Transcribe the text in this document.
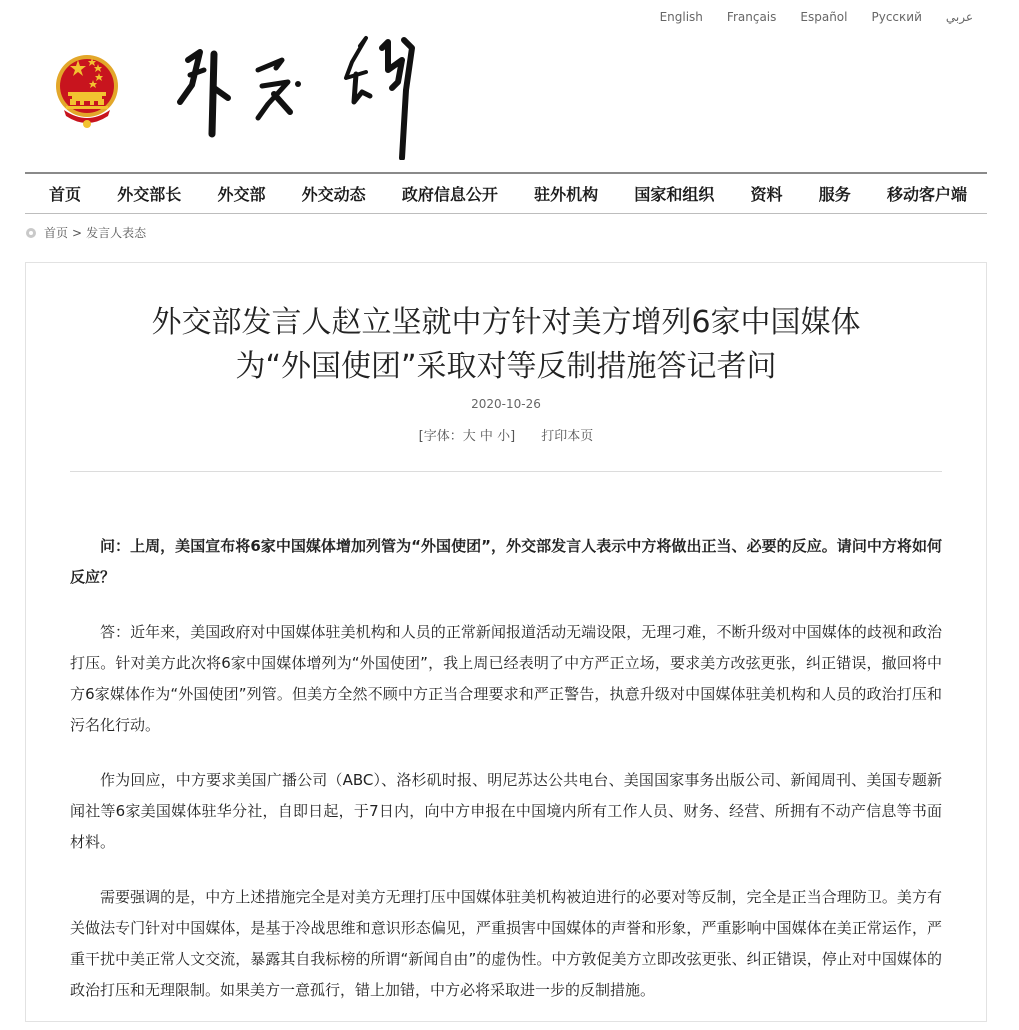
English Français Español Русский عربي
首页 外交部长 外交部 外交动态 政府信息公开 驻外机构 国家和组织 资料 服务 移动客户端
首页 > 发言人表态
外交部发言人赵立坚就中方针对美方增列6家中国媒体
为“外国使团”采取对等反制措施答记者问
2020-10-26
[字体：大 中 小] 打印本页

问：上周，美国宣布将6家中国媒体增加列管为“外国使团”，外交部发言人表示中方将做出正当、必要的反应。请问中方将如何反应？

答：近年来，美国政府对中国媒体驻美机构和人员的正常新闻报道活动无端设限，无理刁难，不断升级对中国媒体的歧视和政治打压。针对美方此次将6家中国媒体增列为“外国使团”，我上周已经表明了中方严正立场，要求美方改弦更张，纠正错误，撤回将中方6家媒体作为“外国使团”列管。但美方全然不顾中方正当合理要求和严正警告，执意升级对中国媒体驻美机构和人员的政治打压和污名化行动。

作为回应，中方要求美国广播公司（ABC）、洛杉矶时报、明尼苏达公共电台、美国国家事务出版公司、新闻周刊、美国专题新闻社等6家美国媒体驻华分社，自即日起，于7日内，向中方申报在中国境内所有工作人员、财务、经营、所拥有不动产信息等书面材料。

需要强调的是，中方上述措施完全是对美方无理打压中国媒体驻美机构被迫进行的必要对等反制，完全是正当合理防卫。美方有关做法专门针对中国媒体，是基于冷战思维和意识形态偏见，严重损害中国媒体的声誉和形象，严重影响中国媒体在美正常运作，严重干扰中美正常人文交流，暴露其自我标榜的所谓“新闻自由”的虚伪性。中方敦促美方立即改弦更张、纠正错误，停止对中国媒体的政治打压和无理限制。如果美方一意孤行，错上加错，中方必将采取进一步的反制措施。
